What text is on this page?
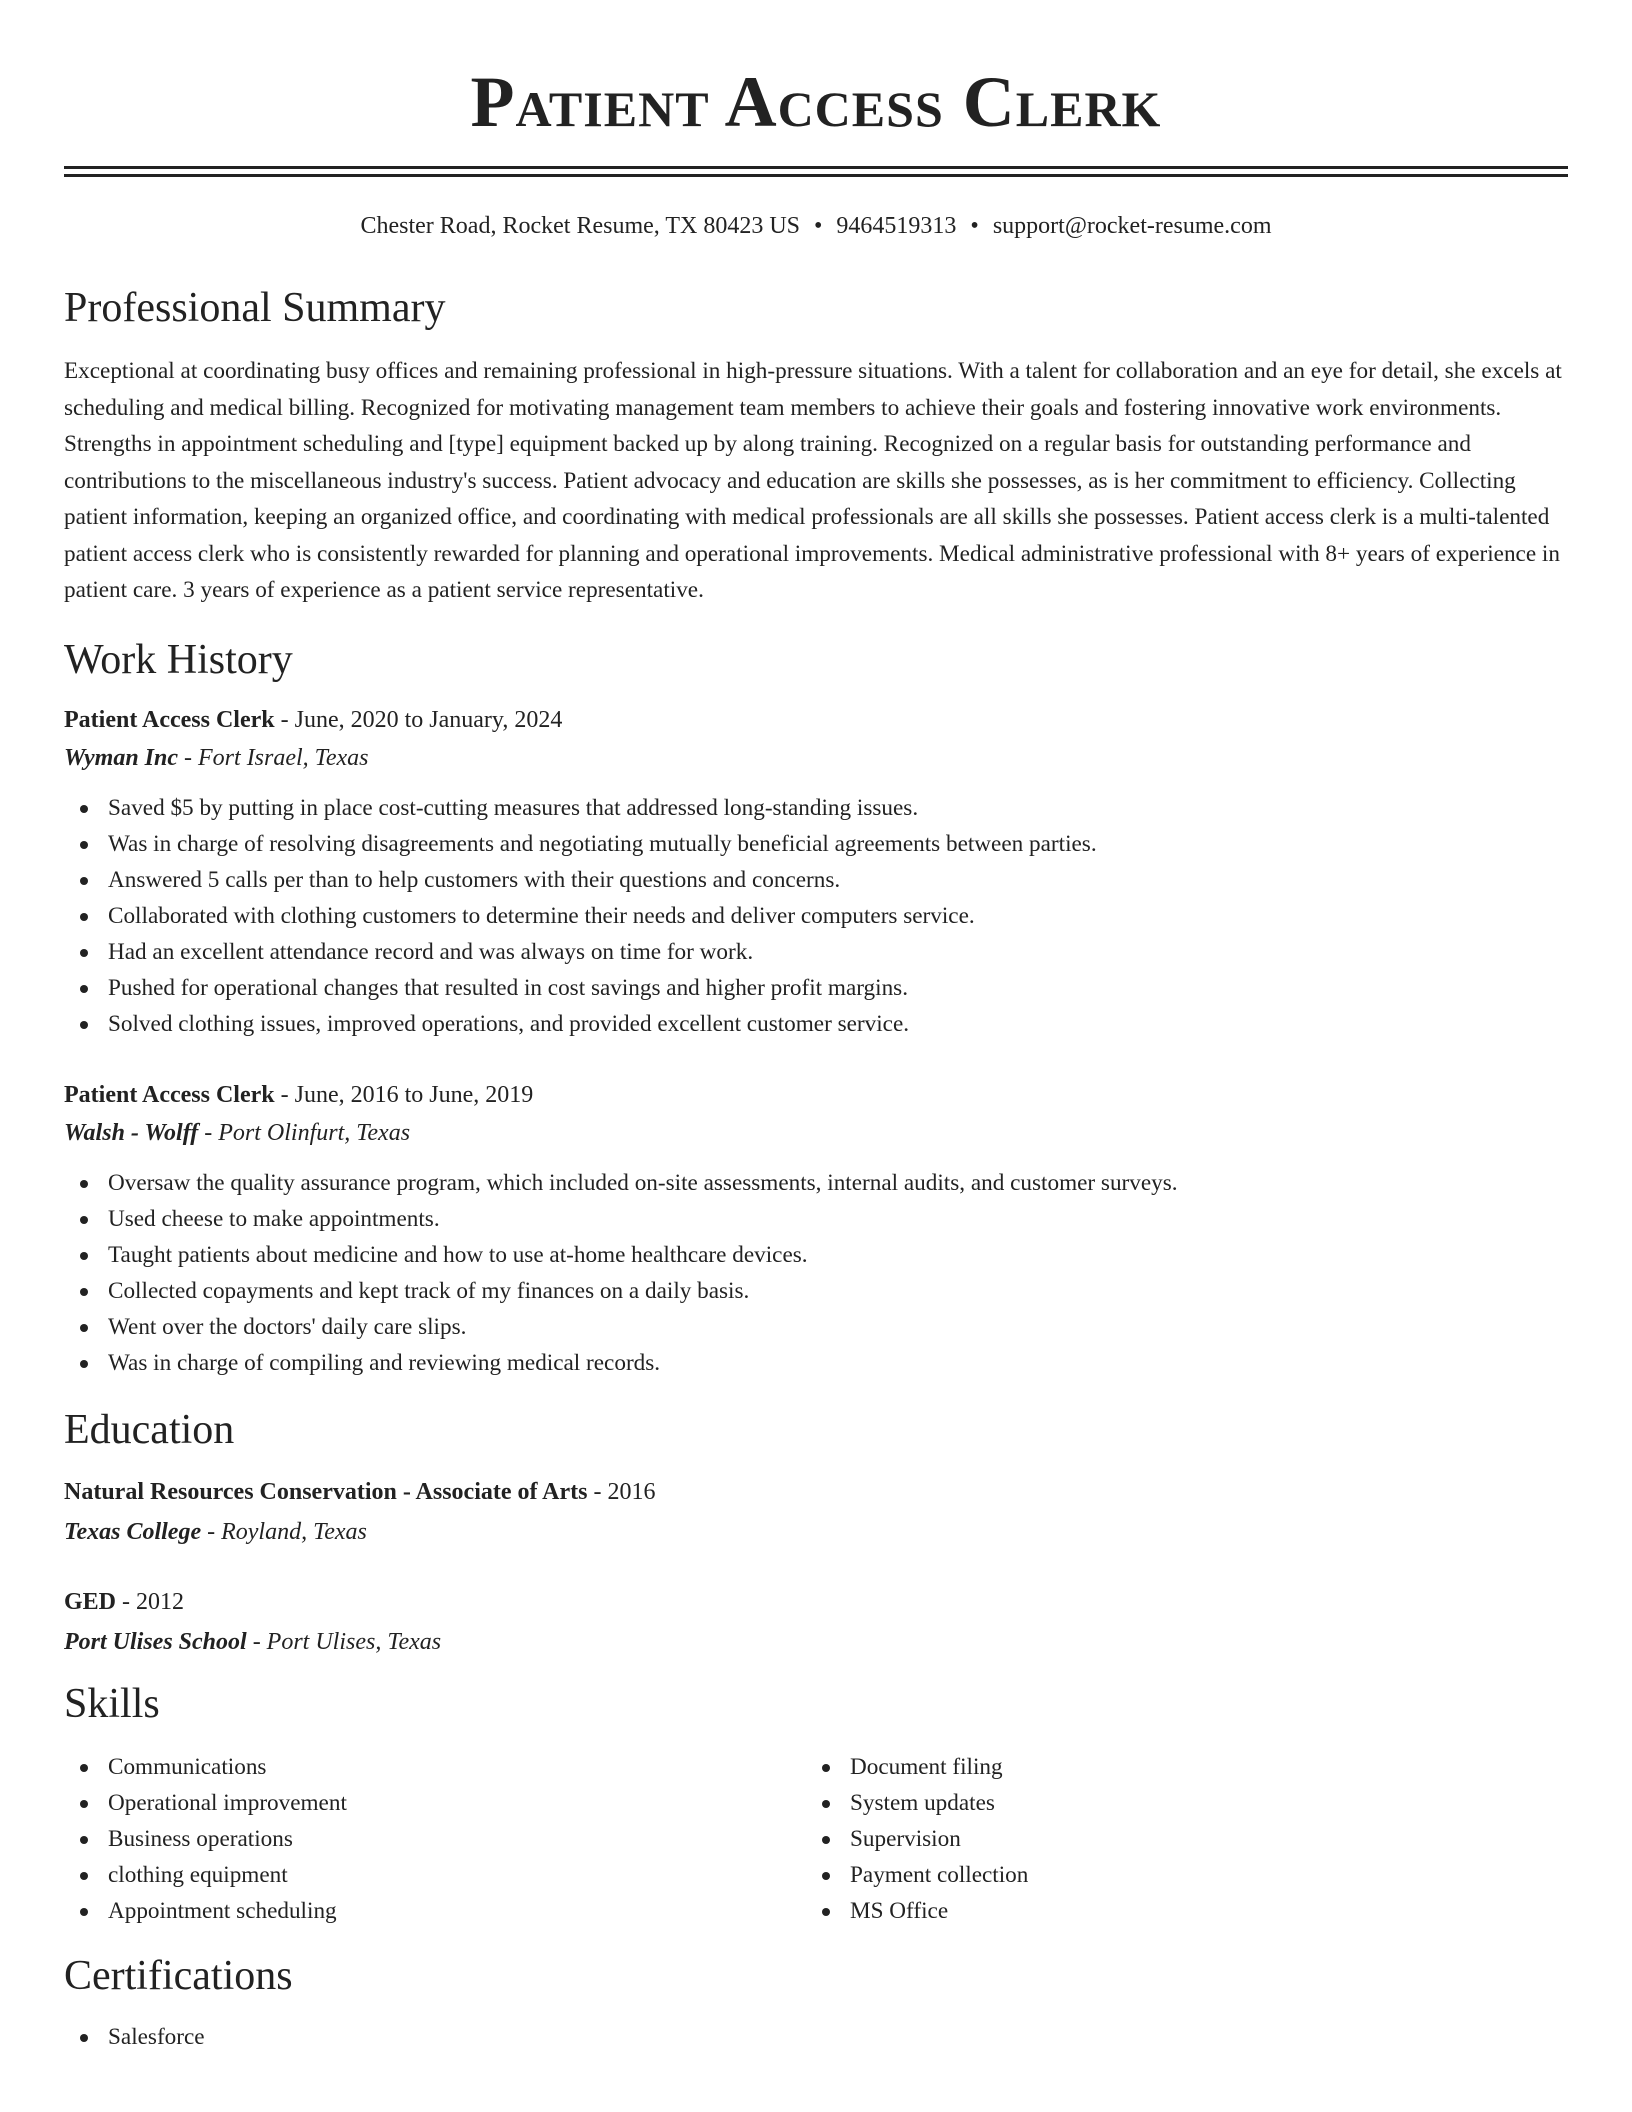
Patient Access Clerk
Chester Road, Rocket Resume, TX 80423 US • 9464519313 • support@rocket-resume.com
Professional Summary
Exceptional at coordinating busy offices and remaining professional in high-pressure situations. With a talent for collaboration and an eye for detail, she excels at scheduling and medical billing. Recognized for motivating management team members to achieve their goals and fostering innovative work environments. Strengths in appointment scheduling and [type] equipment backed up by along training. Recognized on a regular basis for outstanding performance and contributions to the miscellaneous industry's success. Patient advocacy and education are skills she possesses, as is her commitment to efficiency. Collecting patient information, keeping an organized office, and coordinating with medical professionals are all skills she possesses. Patient access clerk is a multi-talented patient access clerk who is consistently rewarded for planning and operational improvements. Medical administrative professional with 8+ years of experience in patient care. 3 years of experience as a patient service representative.
Work History
Patient Access Clerk - June, 2020 to January, 2024
Wyman Inc - Fort Israel, Texas
Saved $5 by putting in place cost-cutting measures that addressed long-standing issues.
Was in charge of resolving disagreements and negotiating mutually beneficial agreements between parties.
Answered 5 calls per than to help customers with their questions and concerns.
Collaborated with clothing customers to determine their needs and deliver computers service.
Had an excellent attendance record and was always on time for work.
Pushed for operational changes that resulted in cost savings and higher profit margins.
Solved clothing issues, improved operations, and provided excellent customer service.
Patient Access Clerk - June, 2016 to June, 2019
Walsh - Wolff - Port Olinfurt, Texas
Oversaw the quality assurance program, which included on-site assessments, internal audits, and customer surveys.
Used cheese to make appointments.
Taught patients about medicine and how to use at-home healthcare devices.
Collected copayments and kept track of my finances on a daily basis.
Went over the doctors' daily care slips.
Was in charge of compiling and reviewing medical records.
Education
Natural Resources Conservation - Associate of Arts - 2016
Texas College - Royland, Texas
GED - 2012
Port Ulises School - Port Ulises, Texas
Skills
Communications
Operational improvement
Business operations
clothing equipment
Appointment scheduling
Document filing
System updates
Supervision
Payment collection
MS Office
Certifications
Salesforce
